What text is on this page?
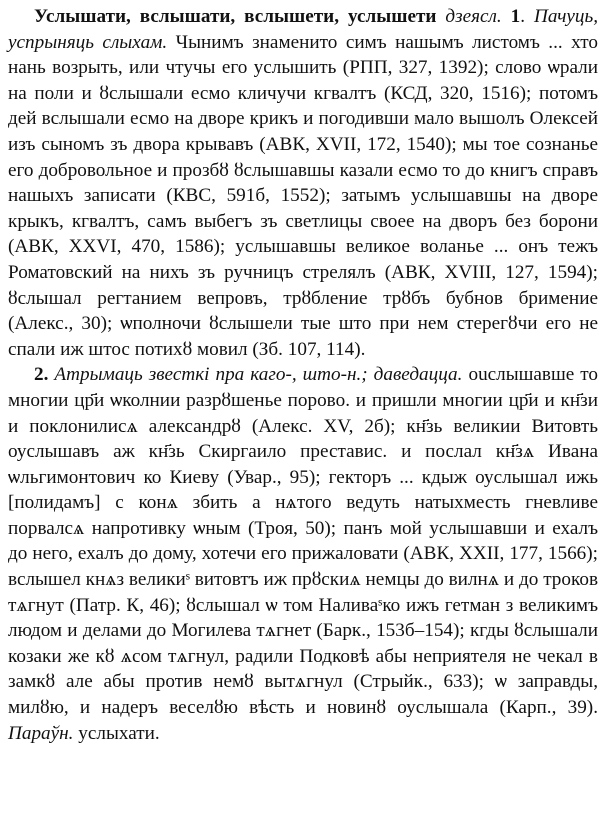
Услышати, вслышати, вслышети, услышети дзеясл. 1. Пачуць, успрыняць слыхам. Чынимъ знаменито симъ нашымъ листомъ ... хто нань возрыть, или чтучы его услышить (РПП, 327, 1392); слово ѡрали на поли и ȣслышали есмо кличучи кгвалтъ (КСД, 320, 1516); потомъ дей вслышали есмо на дворе крикъ и погодивши мало вышолъ Олексей изъ сыномъ зъ двора крывавъ (АВК, XVII, 172, 1540); мы тое сознанье его добровольное и прозбȣ ȣслышавшы казали есмо то до книгъ справъ нашыхъ записати (КВС, 591б, 1552); затымъ услышавшы на дворе крыкъ, кгвалтъ, самъ выбегъ зъ светлицы своее на дворъ без борони (АВК, XXVI, 470, 1586); услышавшы великое воланье ... онъ тежъ Роматовский на нихъ зъ ручницъ стрелялъ (АВК, XVIII, 127, 1594); ȣслышал регтанием вепровъ, трȣбление трȣбъ бубнов бримение (Алекс., 30); ѡполночи ȣслышели тые што при нем стерегȣчи его не спали иж штос потихȣ мовил (Зб. 107, 114).

2. Атрымаць звесткі пра каго-, што-н.; даведацца. ouслышавше то многии цр҃и ѡколнии разрȣшенье порово. и пришли многии цр҃и и кн҃зи и поклонилисѧ александрȣ (Алекс. XV, 2б); кн҃зь великии Витовть оуслышавъ аж кн҃зь Скиргаило преставис. и послал кн҃зѧ Ивана ѡльгимонтович ко Киеву (Увар., 95); гекторъ ... кдыж оуслышал ижь [полидамъ] с конѧ збить а нѧтого ведуть натыхместь гневливе порвалсѧ напротивку ѡным (Троя, 50); панъ мой услышавши и ехалъ до него, ехалъ до дому, хотечи его прижаловати (АВК, XXII, 177, 1566); вслышел кнѧз великиˢ витовтъ иж прȣскиѧ немцы до вилнѧ и до троков тѧгнут (Патр. К, 46); ȣслышал ѡ том Наливаˢко ижъ гетман з великимъ людом и делами до Могилева тѧгнет (Барк., 153б–154); кгды ȣслышали козаки же кȣ ѧсом тѧгнул, радили Подковѣ абы неприятеля не чекал в замкȣ але абы против немȣ вытѧгнул (Стрыйк., 633); ѡ заправды, милȣю, и надеръ веселȣю вѣсть и новинȣ оуслышала (Карп., 39). Параўн. услыхати.
